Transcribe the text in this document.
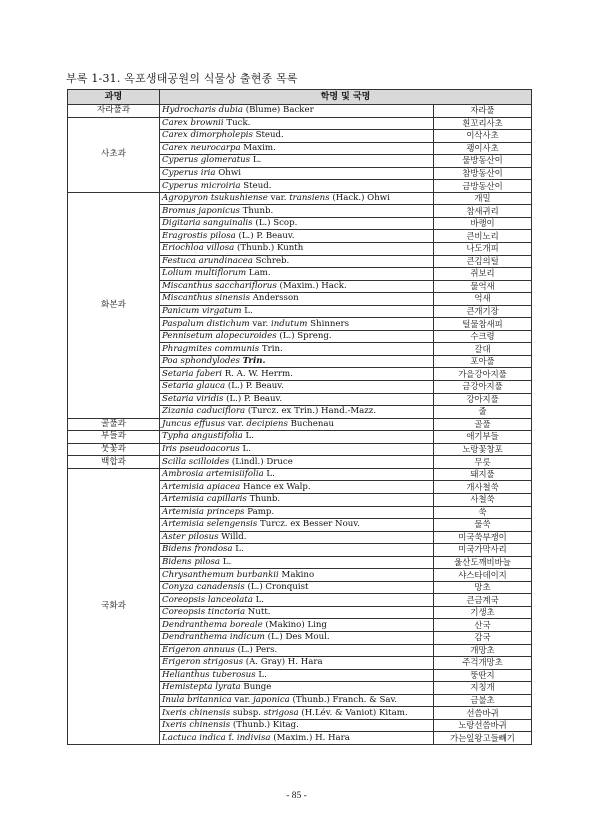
부록 1-31. 옥포생태공원의 식물상 출현종 목록
과명	학명 및 국명	
자라풀과	Hydrocharis dubia (Blume) Backer	자라풀
사초과	Carex brownii Tuck.	흰꼬리사초
	Carex dimorpholepis Steud.	이삭사초
	Carex neurocarpa Maxim.	괭이사초
	Cyperus glomeratus L.	물방동산이
	Cyperus iria Ohwi	참방동산이
	Cyperus microiria Steud.	금방동산이
화본과	Agropyron tsukushiense var. transiens (Hack.) Ohwi	개밀
	Bromus japonicus Thunb.	참새귀리
	Digitaria sanguinalis (L.) Scop.	바랭이
	Eragrostis pilosa (L.) P. Beauv.	큰비노리
	Eriochloa villosa (Thunb.) Kunth	나도개피
	Festuca arundinacea Schreb.	큰김의털
	Lolium multiflorum Lam.	쥐보리
	Miscanthus sacchariflorus (Maxim.) Hack.	물억새
	Miscanthus sinensis Andersson	억새
	Panicum virgatum L.	큰개기장
	Paspalum distichum var. indutum Shinners	털물참새피
	Pennisetum alopecuroides (L.) Spreng.	수크령
	Phragmites communis Trin.	갈대
	Poa sphondylodes Trin.	포아풀
	Setaria faberi R. A. W. Herrm.	가을강아지풀
	Setaria glauca (L.) P. Beauv.	금강아지풀
	Setaria viridis (L.) P. Beauv.	강아지풀
	Zizania caduciflora (Turcz. ex Trin.) Hand.-Mazz.	줄
골풀과	Juncus effusus var. decipiens Buchenau	골풀
부들과	Typha angustifolia L.	애기부들
붓꽃과	Iris pseudoacorus L.	노랑꽃창포
백합과	Scilla scilloides (Lindl.) Druce	무릇
국화과	Ambrosia artemisiifolia L.	돼지풀
	Artemisia apiacea Hance ex Walp.	개사철쑥
	Artemisia capillaris Thunb.	사철쑥
	Artemisia princeps Pamp.	쑥
	Artemisia selengensis Turcz. ex Besser Nouv.	물쑥
	Aster pilosus Willd.	미국쑥부쟁이
	Bidens frondosa L.	미국가막사리
	Bidens pilosa L.	울산도깨비바늘
	Chrysanthemum burbankii Makino	샤스타데이지
	Conyza canadensis (L.) Cronquist	망초
	Coreopsis lanceolata L.	큰금계국
	Coreopsis tinctoria Nutt.	기생초
	Dendranthema boreale (Makino) Ling	산국
	Dendranthema indicum (L.) Des Moul.	감국
	Erigeron annuus (L.) Pers.	개망초
	Erigeron strigosus (A. Gray) H. Hara	주걱개망초
	Helianthus tuberosus L.	뚱딴지
	Hemistepta lyrata Bunge	지칭개
	Inula britannica var. japonica (Thunb.) Franch. & Sav.	금불초
	Ixeris chinensis subsp. strigosa (H.Lév. & Vaniot) Kitam.	선씀바귀
	Ixeris chinensis (Thunb.) Kitag.	노랑선씀바귀
	Lactuca indica f. indivisa (Maxim.) H. Hara	가는잎왕고들빼기
- 85 -
